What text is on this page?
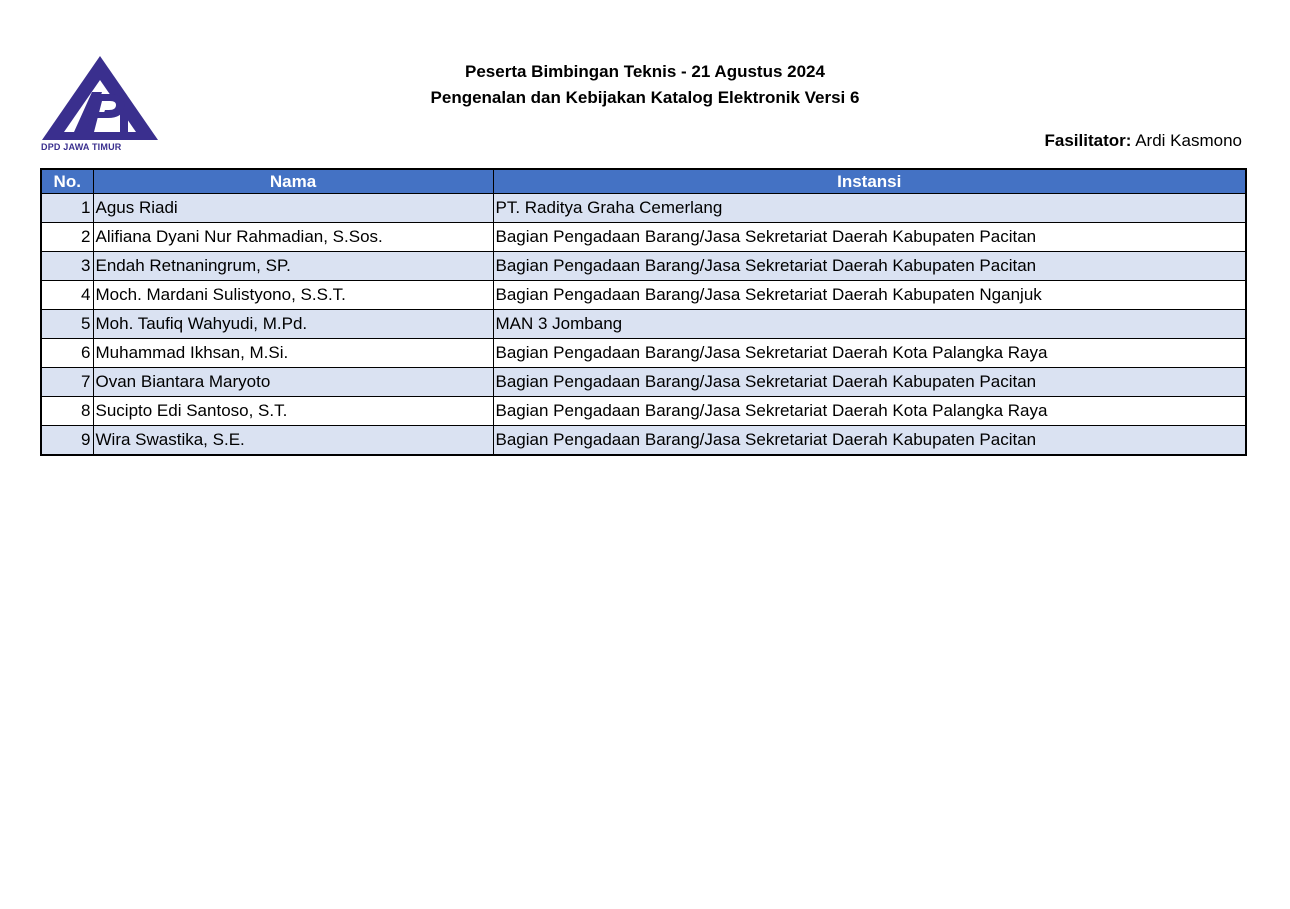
DPD JAWA TIMUR
Peserta Bimbingan Teknis - 21 Agustus 2024
Pengenalan dan Kebijakan Katalog Elektronik Versi 6
Fasilitator: Ardi Kasmono
No.	Nama	Instansi
1	Agus Riadi	PT. Raditya Graha Cemerlang
2	Alifiana Dyani Nur Rahmadian, S.Sos.	Bagian Pengadaan Barang/Jasa Sekretariat Daerah Kabupaten Pacitan
3	Endah Retnaningrum, SP.	Bagian Pengadaan Barang/Jasa Sekretariat Daerah Kabupaten Pacitan
4	Moch. Mardani Sulistyono, S.S.T.	Bagian Pengadaan Barang/Jasa Sekretariat Daerah Kabupaten Nganjuk
5	Moh. Taufiq Wahyudi, M.Pd.	MAN 3 Jombang
6	Muhammad Ikhsan, M.Si.	Bagian Pengadaan Barang/Jasa Sekretariat Daerah Kota Palangka Raya
7	Ovan Biantara Maryoto	Bagian Pengadaan Barang/Jasa Sekretariat Daerah Kabupaten Pacitan
8	Sucipto Edi Santoso, S.T.	Bagian Pengadaan Barang/Jasa Sekretariat Daerah Kota Palangka Raya
9	Wira Swastika, S.E.	Bagian Pengadaan Barang/Jasa Sekretariat Daerah Kabupaten Pacitan
